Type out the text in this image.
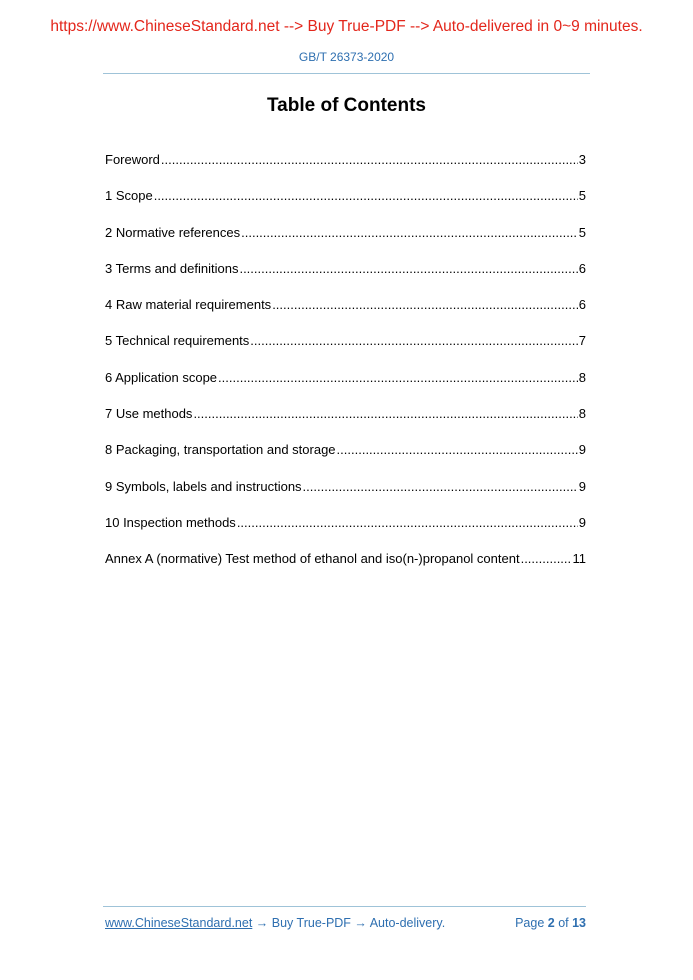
https://www.ChineseStandard.net --> Buy True-PDF --> Auto-delivered in 0~9 minutes.
GB/T 26373-2020
Table of Contents
Foreword .....	3
1 Scope .....	5
2 Normative references .....	5
3 Terms and definitions .....	6
4 Raw material requirements .....	6
5 Technical requirements .....	7
6 Application scope .....	8
7 Use methods .....	8
8 Packaging, transportation and storage .....	9
9 Symbols, labels and instructions .....	9
10 Inspection methods .....	9
Annex A (normative) Test method of ethanol and iso(n-)propanol content .....	11
www.ChineseStandard.net → Buy True-PDF → Auto-delivery.	Page 2 of 13
